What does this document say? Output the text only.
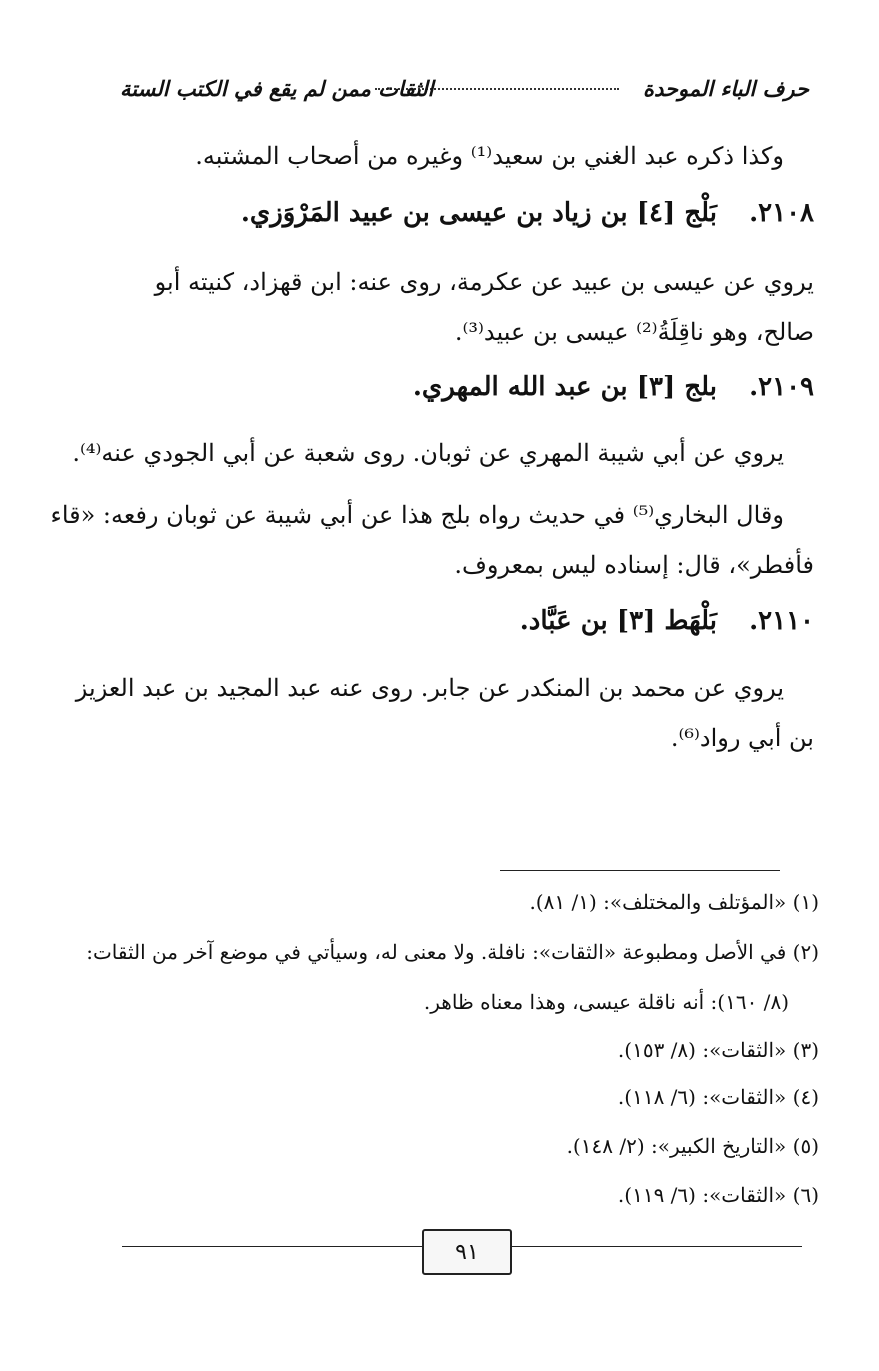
حرف الباء الموحدة
الثقات ممن لم يقع في الكتب الستة
وكذا ذكره عبد الغني بن سعيد⁽¹⁾ وغيره من أصحاب المشتبه.
٢١٠٨.  بَلْج [٤] بن زياد بن عيسى بن عبيد المَرْوَزي.
يروي عن عيسى بن عبيد عن عكرمة، روى عنه: ابن قهزاد، كنيته أبو
صالح، وهو ناقِلَةُ⁽²⁾ عيسى بن عبيد⁽³⁾.
٢١٠٩.  بلج [٣] بن عبد الله المهري.
يروي عن أبي شيبة المهري عن ثوبان. روى شعبة عن أبي الجودي عنه⁽⁴⁾.
وقال البخاري⁽⁵⁾ في حديث رواه بلج هذا عن أبي شيبة عن ثوبان رفعه: «قاء
فأفطر»، قال: إسناده ليس بمعروف.
٢١١٠.  بَلْهَط [٣] بن عَبَّاد.
يروي عن محمد بن المنكدر عن جابر. روى عنه عبد المجيد بن عبد العزيز
بن أبي رواد⁽⁶⁾.
(١) «المؤتلف والمختلف»: (١/ ٨١).
(٢) في الأصل ومطبوعة «الثقات»: نافلة. ولا معنى له، وسيأتي في موضع آخر من الثقات:
(٨/ ١٦٠): أنه ناقلة عيسى، وهذا معناه ظاهر.
(٣) «الثقات»: (٨/ ١٥٣).
(٤) «الثقات»: (٦/ ١١٨).
(٥) «التاريخ الكبير»: (٢/ ١٤٨).
(٦) «الثقات»: (٦/ ١١٩).
٩١
